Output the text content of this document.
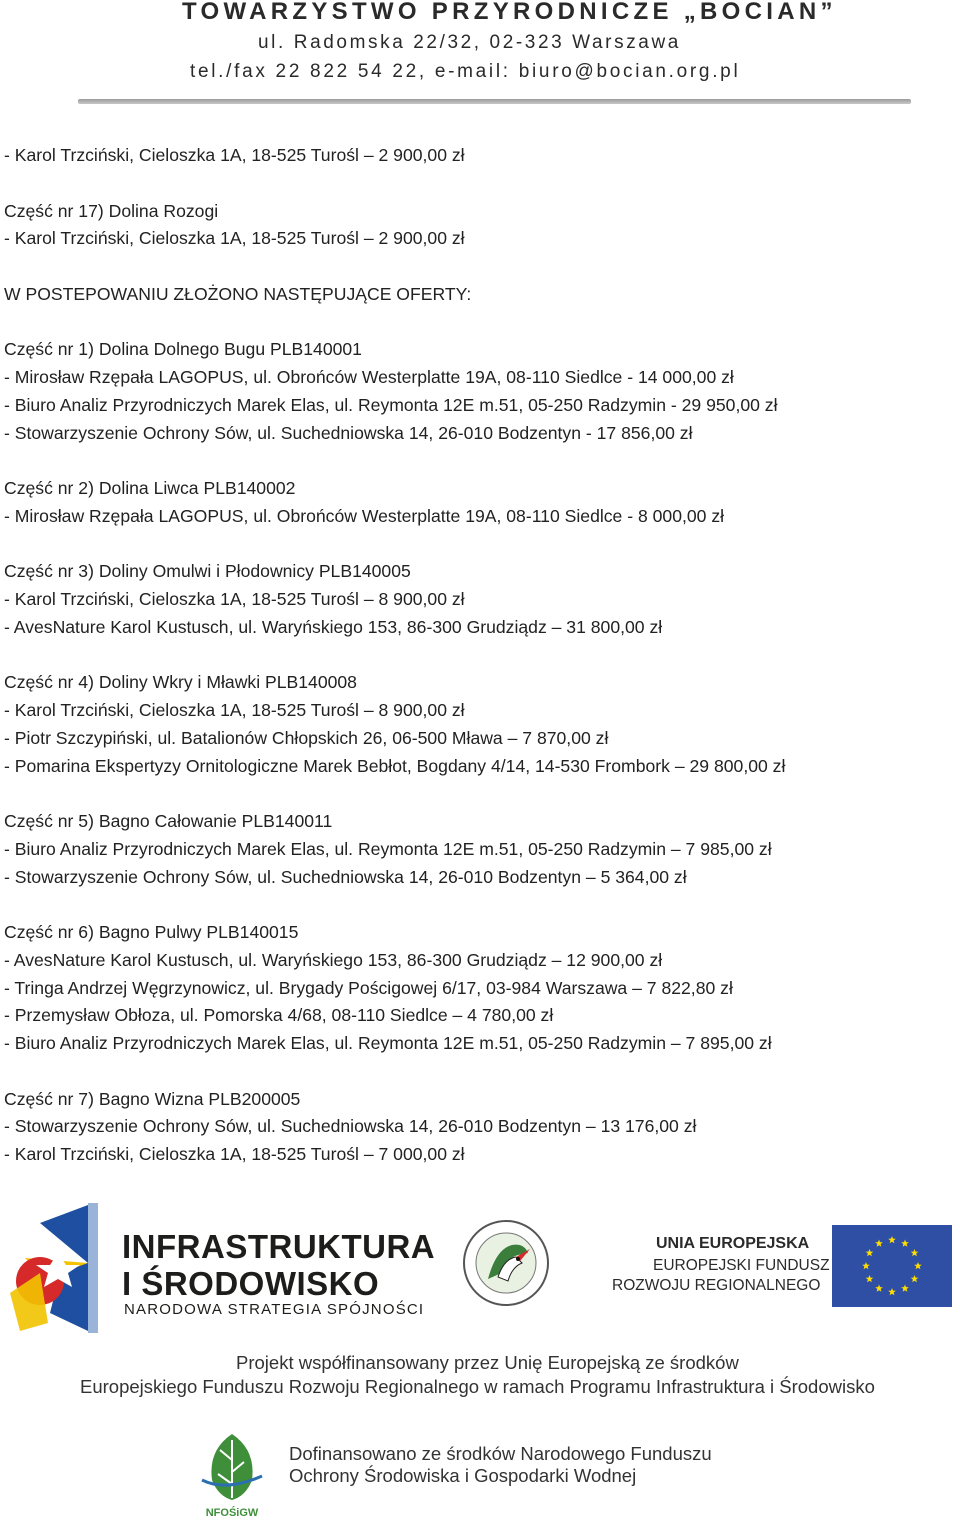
TOWARZYSTWO PRZYRODNICZE „BOCIAN”
ul. Radomska 22/32, 02-323 Warszawa
tel./fax 22 822 54 22, e-mail: biuro@bocian.org.pl
- Karol Trzciński, Cieloszka 1A, 18-525 Turośl – 2 900,00 zł
Część nr 17) Dolina Rozogi
- Karol Trzciński, Cieloszka 1A, 18-525 Turośl – 2 900,00 zł
W POSTEPOWANIU ZŁOŻONO NASTĘPUJĄCE OFERTY:
Część nr 1) Dolina Dolnego Bugu PLB140001
- Mirosław Rzępała LAGOPUS, ul. Obrońców Westerplatte 19A, 08-110 Siedlce - 14 000,00 zł
- Biuro Analiz Przyrodniczych Marek Elas, ul. Reymonta 12E m.51, 05-250 Radzymin - 29 950,00 zł
- Stowarzyszenie Ochrony Sów, ul. Suchedniowska 14, 26-010 Bodzentyn - 17 856,00 zł
Część nr 2) Dolina Liwca PLB140002
- Mirosław Rzępała LAGOPUS, ul. Obrońców Westerplatte 19A, 08-110 Siedlce - 8 000,00 zł
Część nr 3) Doliny Omulwi i Płodownicy PLB140005
- Karol Trzciński, Cieloszka 1A, 18-525 Turośl – 8 900,00 zł
- AvesNature Karol Kustusch, ul. Waryńskiego 153, 86-300 Grudziądz – 31 800,00 zł
Część nr 4) Doliny Wkry i Mławki PLB140008
- Karol Trzciński, Cieloszka 1A, 18-525 Turośl – 8 900,00 zł
- Piotr Szczypiński, ul. Batalionów Chłopskich 26, 06-500 Mława – 7 870,00 zł
- Pomarina Ekspertyzy Ornitologiczne Marek Bebłot, Bogdany 4/14, 14-530 Frombork – 29 800,00 zł
Część nr 5) Bagno Całowanie PLB140011
- Biuro Analiz Przyrodniczych Marek Elas, ul. Reymonta 12E m.51, 05-250 Radzymin – 7 985,00 zł
- Stowarzyszenie Ochrony Sów, ul. Suchedniowska 14, 26-010 Bodzentyn – 5 364,00 zł
Część nr 6) Bagno Pulwy PLB140015
- AvesNature Karol Kustusch, ul. Waryńskiego 153, 86-300 Grudziądz – 12 900,00 zł
- Tringa Andrzej Węgrzynowicz, ul. Brygady Pościgowej 6/17, 03-984 Warszawa – 7 822,80 zł
- Przemysław Obłoza, ul. Pomorska 4/68, 08-110 Siedlce – 4 780,00 zł
- Biuro Analiz Przyrodniczych Marek Elas, ul. Reymonta 12E m.51, 05-250 Radzymin – 7 895,00 zł
Część nr 7) Bagno Wizna PLB200005
- Stowarzyszenie Ochrony Sów, ul. Suchedniowska 14, 26-010 Bodzentyn – 13 176,00 zł
- Karol Trzciński, Cieloszka 1A, 18-525 Turośl – 7 000,00 zł
INFRASTRUKTURA
I ŚRODOWISKO
NARODOWA STRATEGIA SPÓJNOŚCI
UNIA EUROPEJSKA
EUROPEJSKI FUNDUSZ
ROZWOJU REGIONALNEGO
Projekt współfinansowany przez Unię Europejską ze środków
Europejskiego Funduszu Rozwoju Regionalnego w ramach Programu Infrastruktura i Środowisko
NFOŚiGW
Dofinansowano ze środków Narodowego Funduszu
Ochrony Środowiska i Gospodarki Wodnej
